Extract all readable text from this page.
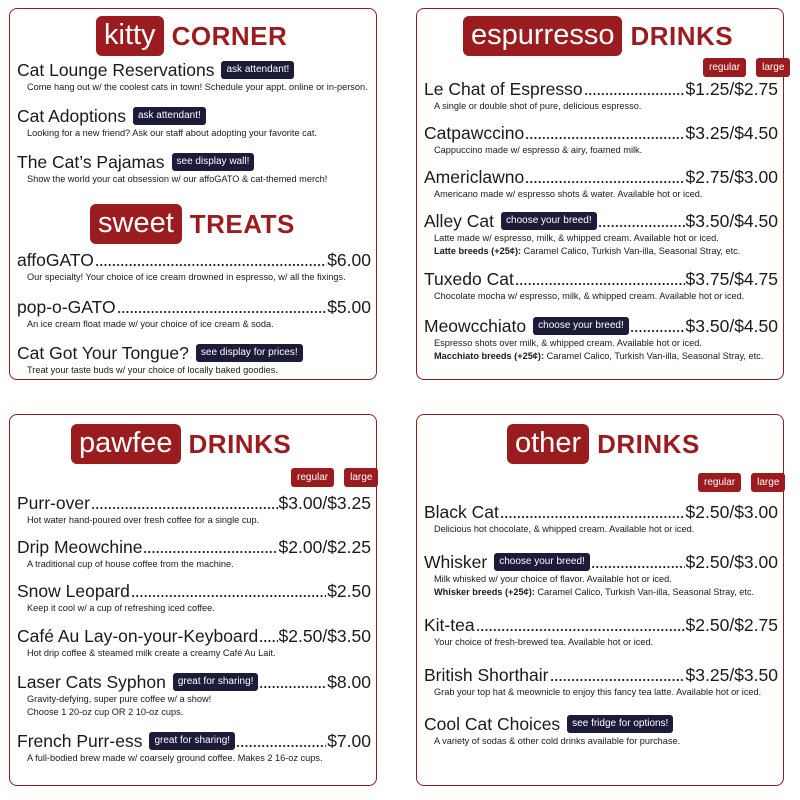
kitty CORNER
Cat Lounge Reservations	ask attendant!
Come hang out w/ the coolest cats in town! Schedule your appt. online or in-person.
Cat Adoptions	ask attendant!
Looking for a new friend? Ask our staff about adopting your favorite cat.
The Cat’s Pajamas	see display wall!
Show the world your cat obsession w/ our affoGATO & cat-themed merch!
sweet TREATS
affoGATO	$6.00
Our specialty! Your choice of ice cream drowned in espresso, w/ all the fixings.
pop-o-GATO	$5.00
An ice cream float made w/ your choice of ice cream & soda.
Cat Got Your Tongue?	see display for prices!
Treat your taste buds w/ your choice of locally baked goodies.
espurresso DRINKS
regular	large
Le Chat of Espresso	$1.25/$2.75
A single or double shot of pure, delicious espresso.
Catpawccino	$3.25/$4.50
Cappuccino made w/ espresso & airy, foamed milk.
Americlawno	$2.75/$3.00
Americano made w/ espresso shots & water. Available hot or iced.
Alley Cat	choose your breed!	$3.50/$4.50
Latte made w/ espresso, milk, & whipped cream. Available hot or iced.
Latte breeds (+25¢): Caramel Calico, Turkish Van-illa, Seasonal Stray, etc.
Tuxedo Cat	$3.75/$4.75
Chocolate mocha w/ espresso, milk, & whipped cream. Available hot or iced.
Meowcchiato	choose your breed!	$3.50/$4.50
Espresso shots over milk, & whipped cream. Available hot or iced.
Macchiato breeds (+25¢): Caramel Calico, Turkish Van-illa, Seasonal Stray, etc.
pawfee DRINKS
regular	large
Purr-over	$3.00/$3.25
Hot water hand-poured over fresh coffee for a single cup.
Drip Meowchine	$2.00/$2.25
A traditional cup of house coffee from the machine.
Snow Leopard	$2.50
Keep it cool w/ a cup of refreshing iced coffee.
Café Au Lay-on-your-Keyboard $2.50/$3.50
Hot drip coffee & steamed milk create a creamy Café Au Lait.
Laser Cats Syphon	great for sharing!	$8.00
Gravity-defying, super pure coffee w/ a show!
Choose 1 20-oz cup OR 2 10-oz cups.
French Purr-ess	great for sharing!	$7.00
A full-bodied brew made w/ coarsely ground coffee. Makes 2 16-oz cups.
other DRINKS
regular	large
Black Cat	$2.50/$3.00
Delicious hot chocolate, & whipped cream. Available hot or iced.
Whisker	choose your breed!	$2.50/$3.00
Milk whisked w/ your choice of flavor. Available hot or iced.
Whisker breeds (+25¢): Caramel Calico, Turkish Van-illa, Seasonal Stray, etc.
Kit-tea	$2.50/$2.75
Your choice of fresh-brewed tea. Available hot or iced.
British Shorthair	$3.25/$3.50
Grab your top hat & meownicle to enjoy this fancy tea latte. Available hot or iced.
Cool Cat Choices	see fridge for options!
A variety of sodas & other cold drinks available for purchase.
